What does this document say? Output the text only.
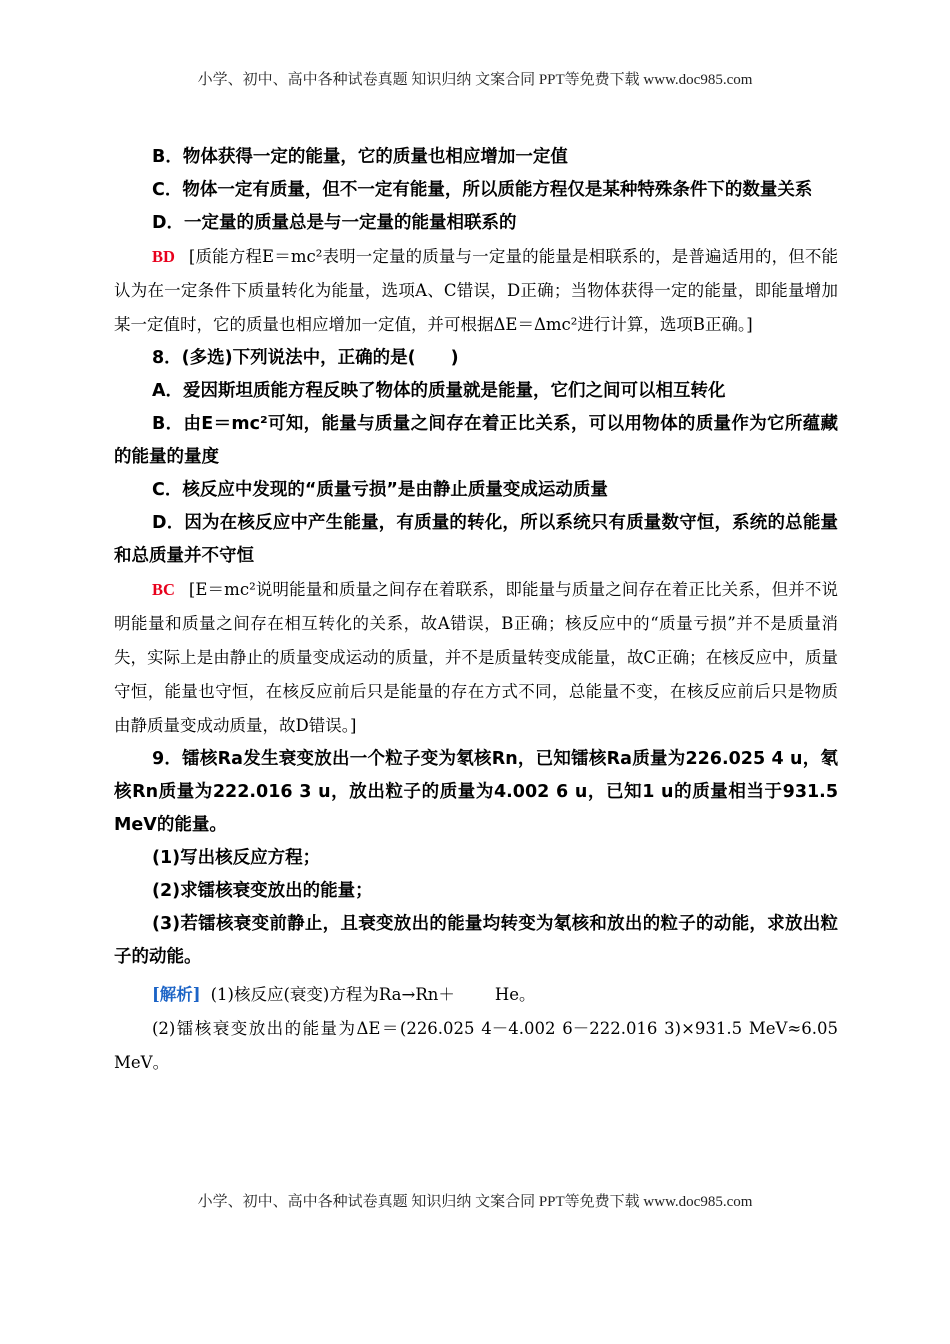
小学、初中、高中各种试卷真题 知识归纳 文案合同 PPT等免费下载 www.doc985.com
B．物体获得一定的能量，它的质量也相应增加一定值
C．物体一定有质量，但不一定有能量，所以质能方程仅是某种特殊条件下的数量关系
D．一定量的质量总是与一定量的能量相联系的
BD [质能方程E＝mc²表明一定量的质量与一定量的能量是相联系的，是普遍适用的，但不能认为在一定条件下质量转化为能量，选项A、C错误，D正确；当物体获得一定的能量，即能量增加某一定值时，它的质量也相应增加一定值，并可根据ΔE＝Δmc²进行计算，选项B正确。]
8．(多选)下列说法中，正确的是(　　)
A．爱因斯坦质能方程反映了物体的质量就是能量，它们之间可以相互转化
B．由E＝mc²可知，能量与质量之间存在着正比关系，可以用物体的质量作为它所蕴藏的能量的量度
C．核反应中发现的“质量亏损”是由静止质量变成运动质量
D．因为在核反应中产生能量，有质量的转化，所以系统只有质量数守恒，系统的总能量和总质量并不守恒
BC [E＝mc²说明能量和质量之间存在着联系，即能量与质量之间存在着正比关系，但并不说明能量和质量之间存在相互转化的关系，故A错误，B正确；核反应中的“质量亏损”并不是质量消失，实际上是由静止的质量变成运动的质量，并不是质量转变成能量，故C正确；在核反应中，质量守恒，能量也守恒，在核反应前后只是能量的存在方式不同，总能量不变，在核反应前后只是物质由静质量变成动质量，故D错误。]
9．镭核Ra发生衰变放出一个粒子变为氡核Rn，已知镭核Ra质量为226.025 4 u，氡核Rn质量为222.016 3 u，放出粒子的质量为4.002 6 u，已知1 u的质量相当于931.5 MeV的能量。
(1)写出核反应方程；
(2)求镭核衰变放出的能量；
(3)若镭核衰变前静止，且衰变放出的能量均转变为氡核和放出的粒子的动能，求放出粒子的动能。
[解析] (1)核反应(衰变)方程为Ra→Rn＋ He。
(2)镭核衰变放出的能量为ΔE＝(226.025 4－4.002 6－222.016 3)×931.5 MeV≈6.05 MeV。
小学、初中、高中各种试卷真题 知识归纳 文案合同 PPT等免费下载 www.doc985.com
